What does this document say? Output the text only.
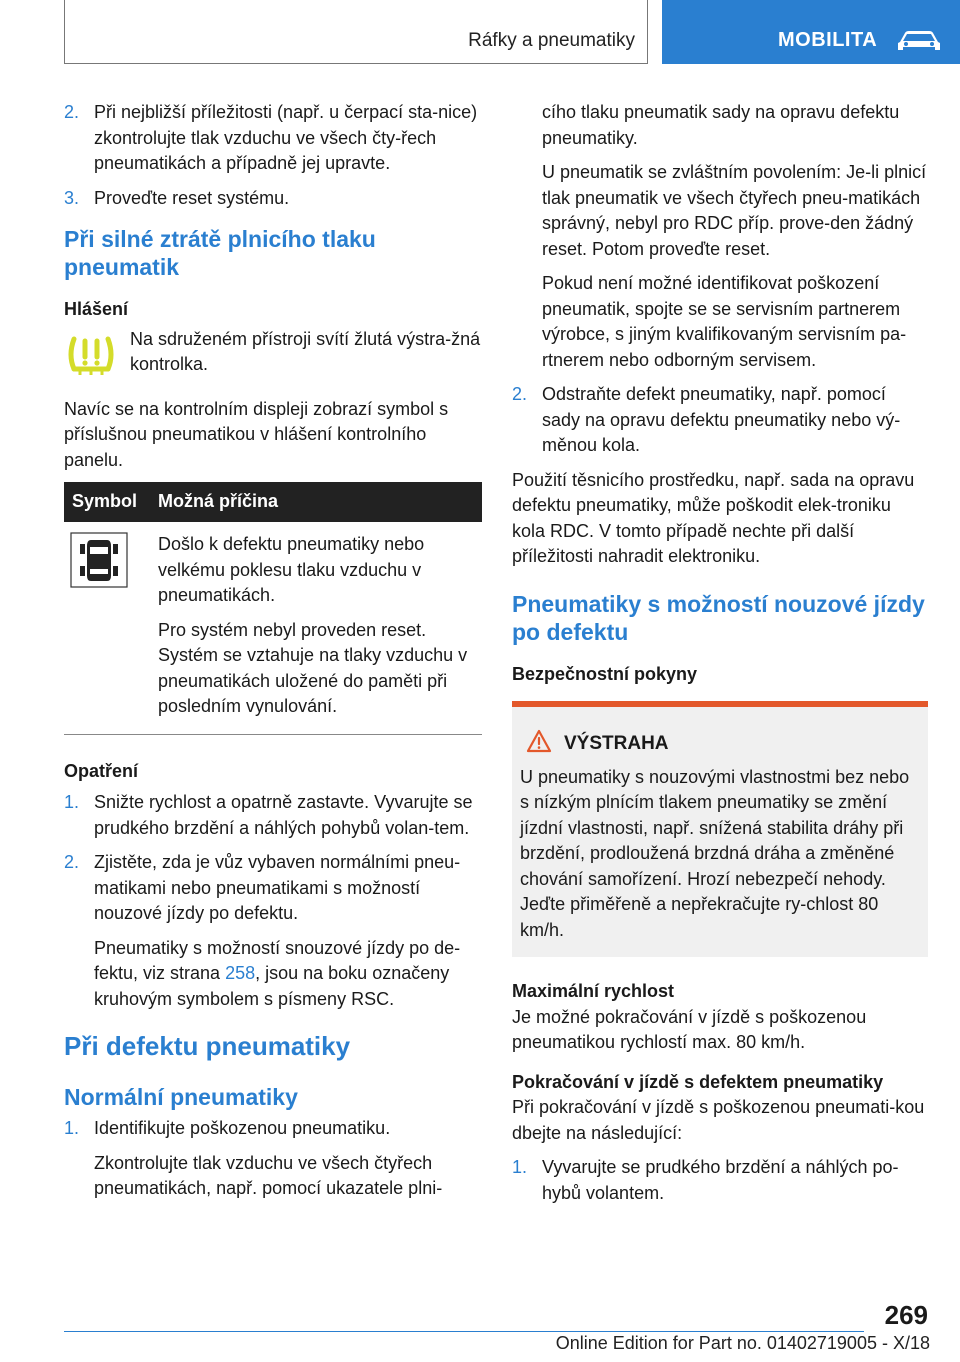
Ráfky a pneumatiky	MOBILITA
2. Při nejbližší příležitosti (např. u čerpací sta-nice) zkontrolujte tlak vzduchu ve všech čty-řech pneumatikách a případně jej upravte.

3. Proveďte reset systému.

Při silné ztrátě plnicího tlaku pneumatik

Hlášení

Na sdruženém přístroji svítí žlutá výstra-žná kontrolka.

Navíc se na kontrolním displeji zobrazí symbol s příslušnou pneumatikou v hlášení kontrolního panelu.

Symbol	Možná příčina

Došlo k defektu pneumatiky nebo velkému poklesu tlaku vzduchu v pneumatikách.

Pro systém nebyl proveden reset. Systém se vztahuje na tlaky vzduchu v pneumatikách uložené do paměti při posledním vynulování.

Opatření

1. Snižte rychlost a opatrně zastavte. Vyvarujte se prudkého brzdění a náhlých pohybů volan-tem.

2. Zjistěte, zda je vůz vybaven normálními pneu-matikami nebo pneumatikami s možností nouzové jízdy po defektu.

Pneumatiky s možností snouzové jízdy po de-fektu, viz strana 258, jsou na boku označeny kruhovým symbolem s písmeny RSC.

Při defektu pneumatiky
Normální pneumatiky
1. Identifikujte poškozenou pneumatiku.

Zkontrolujte tlak vzduchu ve všech čtyřech pneumatikách, např. pomocí ukazatele plni-

cího tlaku pneumatik sady na opravu defektu pneumatiky.

U pneumatik se zvláštním povolením: Je-li plnicí tlak pneumatik ve všech čtyřech pneu-matikách správný, nebyl pro RDC příp. prove-den žádný reset. Potom proveďte reset.

Pokud není možné identifikovat poškození pneumatik, spojte se se servisním partnerem výrobce, s jiným kvalifikovaným servisním pa-rtnerem nebo odborným servisem.

2. Odstraňte defekt pneumatiky, např. pomocí sady na opravu defektu pneumatiky nebo vý-měnou kola.

Použití těsnicího prostředku, např. sada na opravu defektu pneumatiky, může poškodit elek-troniku kola RDC. V tomto případě nechte při další příležitosti nahradit elektroniku.

Pneumatiky s možností nouzové jízdy po defektu

Bezpečnostní pokyny

VÝSTRAHA

U pneumatiky s nouzovými vlastnostmi bez nebo s nízkým plnícím tlakem pneumatiky se změní jízdní vlastnosti, např. snížená stabilita dráhy při brzdění, prodloužená brzdná dráha a změněné chování samořízení. Hrozí nebezpečí nehody. Jeďte přiměřeně a nepřekračujte ry-chlost 80 km/h.

Maximální rychlost

Je možné pokračování v jízdě s poškozenou pneumatikou rychlostí max. 80 km/h.

Pokračování v jízdě s defektem pneumatiky

Při pokračování v jízdě s poškozenou pneumati-kou dbejte na následující:

1. Vyvarujte se prudkého brzdění a náhlých po-hybů volantem.

269
Online Edition for Part no. 01402719005 - X/18
